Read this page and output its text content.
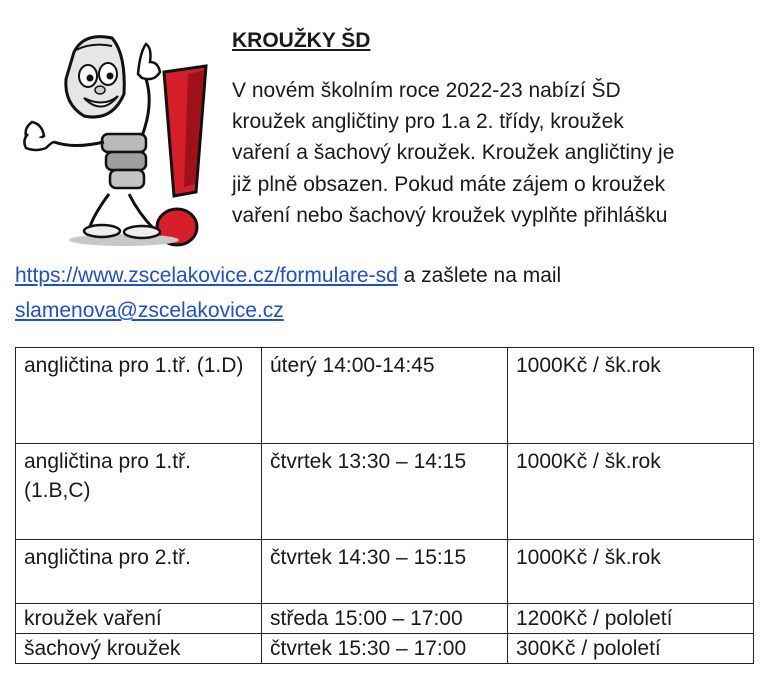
KROUŽKY ŠD
V novém školním roce 2022-23 nabízí ŠD
kroužek angličtiny pro 1.a 2. třídy, kroužek
vaření a šachový kroužek. Kroužek angličtiny je
již plně obsazen. Pokud máte zájem o kroužek
vaření nebo šachový kroužek vyplňte přihlášku
https://www.zscelakovice.cz/formulare-sd a zašlete na mail
slamenova@zscelakovice.cz
angličtina pro 1.tř. (1.D)	úterý 14:00-14:45	1000Kč / šk.rok
angličtina pro 1.tř. (1.B,C)	čtvrtek 13:30 – 14:15	1000Kč / šk.rok
angličtina pro 2.tř.	čtvrtek 14:30 – 15:15	1000Kč / šk.rok
kroužek vaření	středa 15:00 – 17:00	1200Kč / pololetí
šachový kroužek	čtvrtek 15:30 – 17:00	300Kč / pololetí
